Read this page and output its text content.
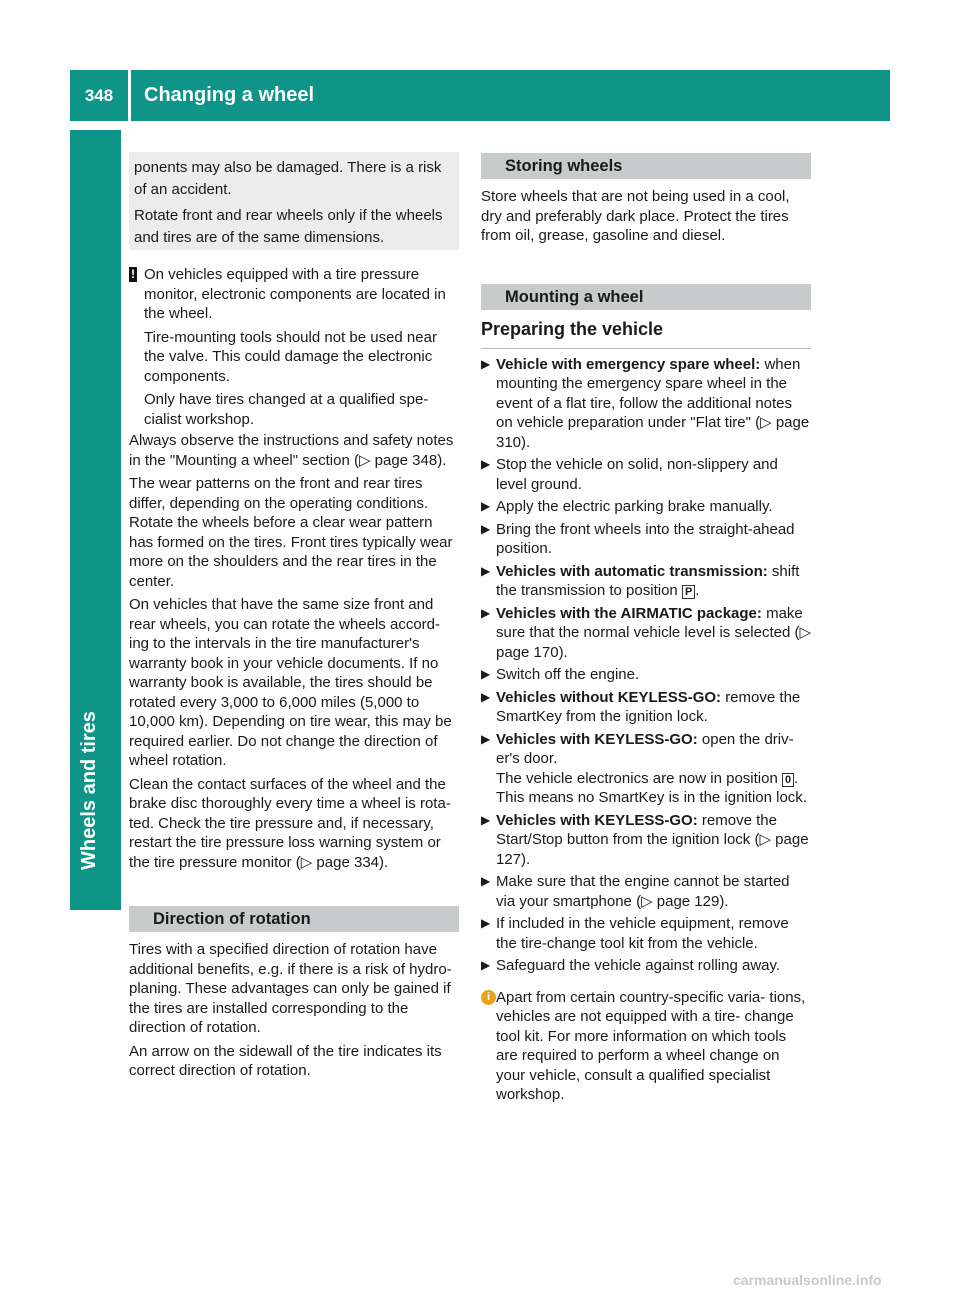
348	Changing a wheel
Wheels and tires

ponents may also be damaged. There is a risk of an accident.

Rotate front and rear wheels only if the wheels and tires are of the same dimensions.

! On vehicles equipped with a tire pressure monitor, electronic components are located in the wheel.

Tire-mounting tools should not be used near the valve. This could damage the electronic components.

Only have tires changed at a qualified spe- cialist workshop.

Always observe the instructions and safety notes in the "Mounting a wheel" section (▷ page 348).

The wear patterns on the front and rear tires differ, depending on the operating conditions. Rotate the wheels before a clear wear pattern has formed on the tires. Front tires typically wear more on the shoulders and the rear tires in the center.

On vehicles that have the same size front and rear wheels, you can rotate the wheels accord- ing to the intervals in the tire manufacturer's warranty book in your vehicle documents. If no warranty book is available, the tires should be rotated every 3,000 to 6,000 miles (5,000 to 10,000 km). Depending on tire wear, this may be required earlier. Do not change the direction of wheel rotation.

Clean the contact surfaces of the wheel and the brake disc thoroughly every time a wheel is rota- ted. Check the tire pressure and, if necessary, restart the tire pressure loss warning system or the tire pressure monitor (▷ page 334).

Direction of rotation

Tires with a specified direction of rotation have additional benefits, e.g. if there is a risk of hydro- planing. These advantages can only be gained if the tires are installed corresponding to the direction of rotation.

An arrow on the sidewall of the tire indicates its correct direction of rotation.

Storing wheels

Store wheels that are not being used in a cool, dry and preferably dark place. Protect the tires from oil, grease, gasoline and diesel.

Mounting a wheel

Preparing the vehicle

▶ Vehicle with emergency spare wheel: when mounting the emergency spare wheel in the event of a flat tire, follow the additional notes on vehicle preparation under "Flat tire" (▷ page 310).
▶ Stop the vehicle on solid, non-slippery and level ground.
▶ Apply the electric parking brake manually.
▶ Bring the front wheels into the straight-ahead position.
▶ Vehicles with automatic transmission: shift the transmission to position P .
▶ Vehicles with the AIRMATIC package: make sure that the normal vehicle level is selected (▷ page 170).
▶ Switch off the engine.
▶ Vehicles without KEYLESS-GO: remove the SmartKey from the ignition lock.
▶ Vehicles with KEYLESS-GO: open the driv- er's door.

The vehicle electronics are now in position 0 . This means no SmartKey is in the ignition lock.

▶ Vehicles with KEYLESS-GO: remove the Start/Stop button from the ignition lock (▷ page 127).
▶ Make sure that the engine cannot be started via your smartphone (▷ page 129).
▶ If included in the vehicle equipment, remove the tire-change tool kit from the vehicle.
▶ Safeguard the vehicle against rolling away.
i Apart from certain country-specific varia- tions, vehicles are not equipped with a tire- change tool kit. For more information on which tools are required to perform a wheel change on your vehicle, consult a qualified specialist workshop.

carmanualsonline.info
